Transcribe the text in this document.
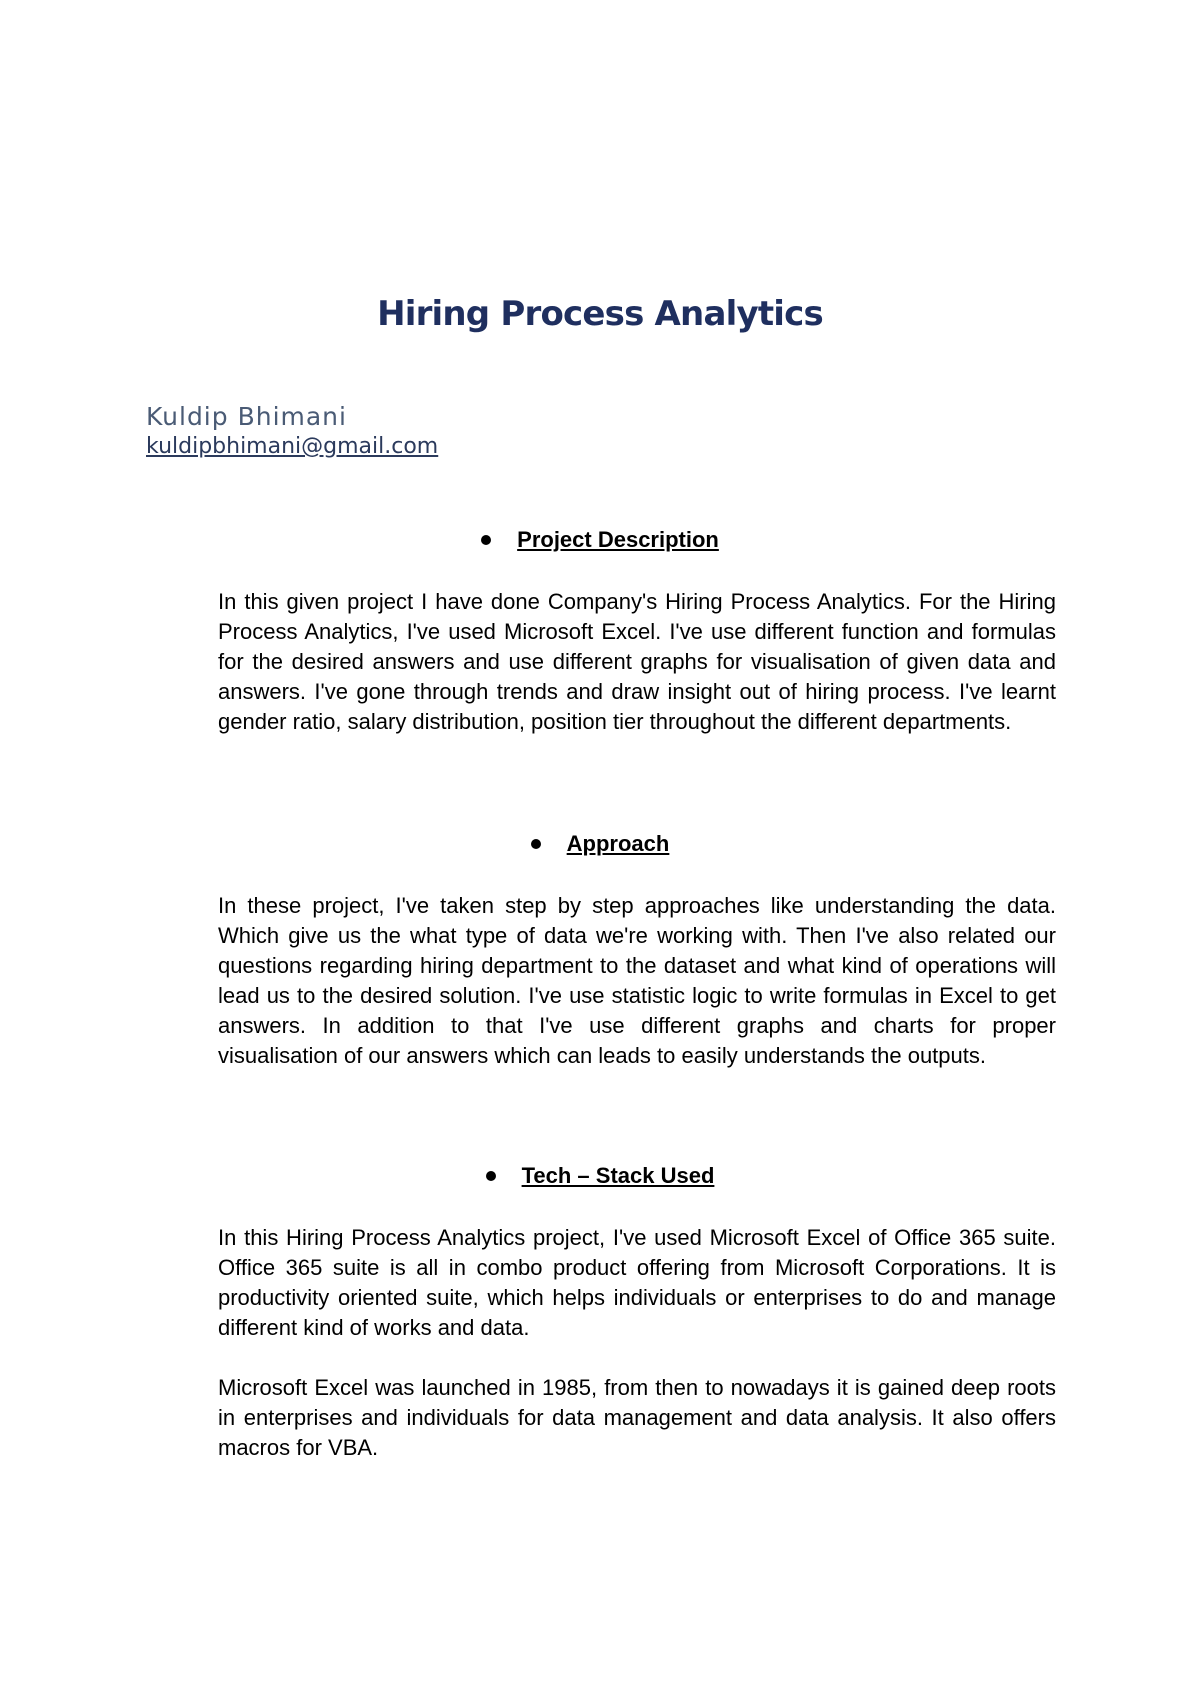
Hiring Process Analytics

Kuldip Bhimani

kuldipbhimani@gmail.com
Project Description

In this given project I have done Company's Hiring Process Analytics. For the Hiring Process Analytics, I've used Microsoft Excel. I've use different function and formulas for the desired answers and use different graphs for visualisation of given data and answers. I've gone through trends and draw insight out of hiring process. I've learnt gender ratio, salary distribution, position tier throughout the different departments.

Approach

In these project, I've taken step by step approaches like understanding the data. Which give us the what type of data we're working with. Then I've also related our questions regarding hiring department to the dataset and what kind of operations will lead us to the desired solution. I've use statistic logic to write formulas in Excel to get answers. In addition to that I've use different graphs and charts for proper visualisation of our answers which can leads to easily understands the outputs.

Tech – Stack Used

In this Hiring Process Analytics project, I've used Microsoft Excel of Office 365 suite. Office 365 suite is all in combo product offering from Microsoft Corporations. It is productivity oriented suite, which helps individuals or enterprises to do and manage different kind of works and data.

Microsoft Excel was launched in 1985, from then to nowadays it is gained deep roots in enterprises and individuals for data management and data analysis. It also offers macros for VBA.
